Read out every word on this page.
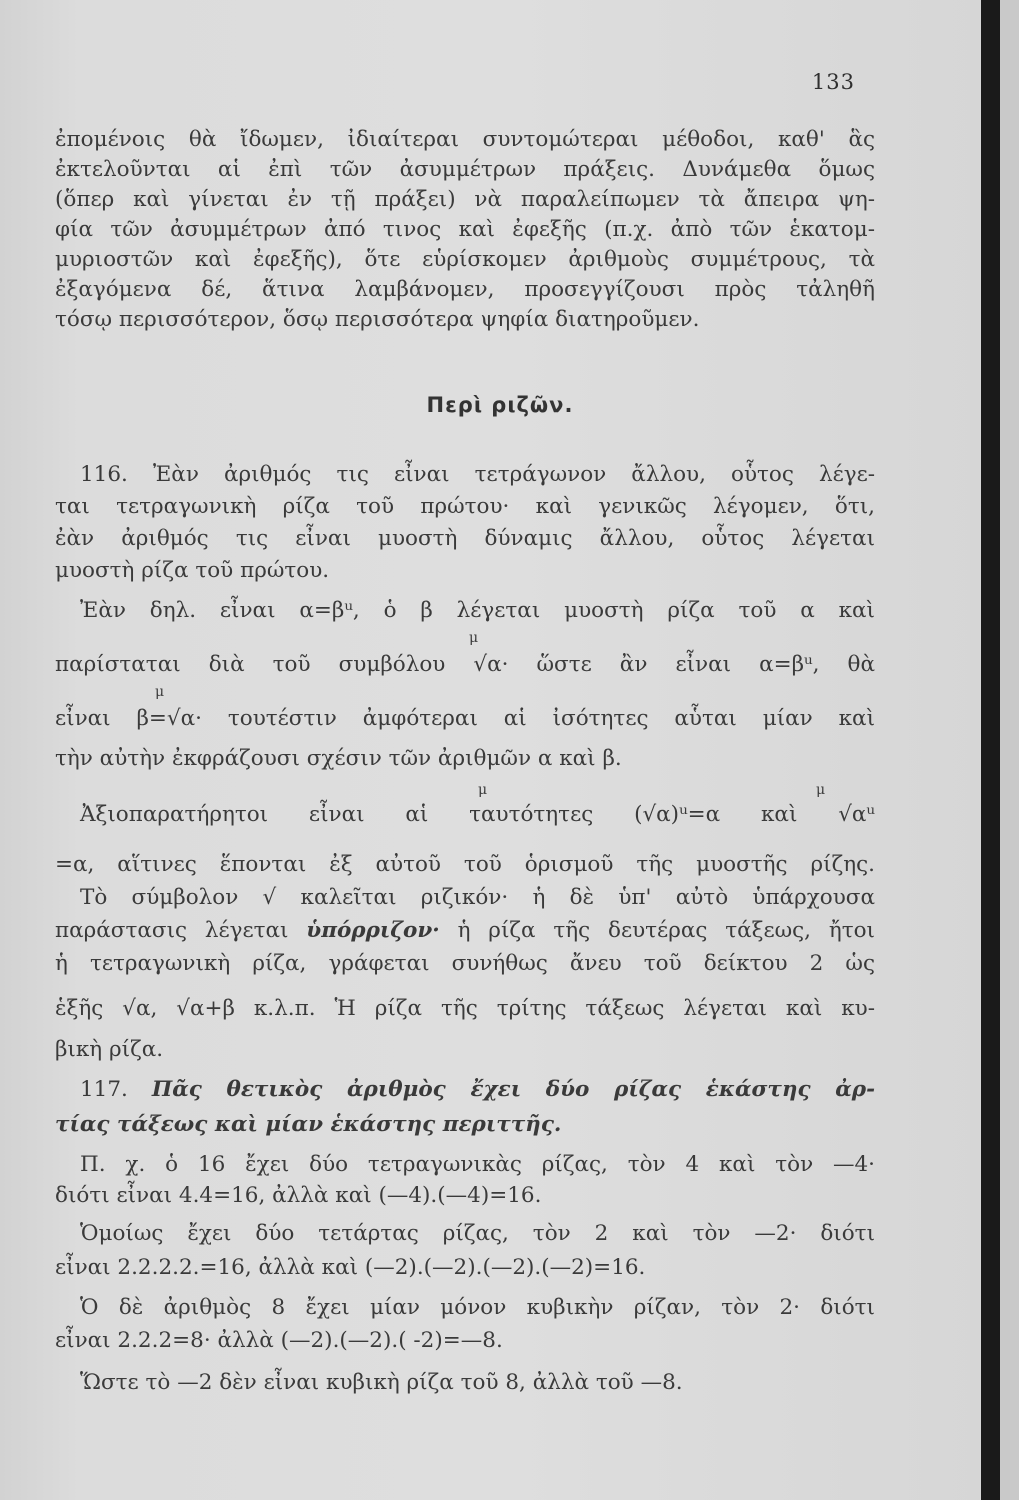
133
ἐπομένοις θὰ ἴδωμεν, ἰδιαίτεραι συντομώτεραι μέθοδοι, καθ' ἃς
ἐκτελοῦνται αἱ ἐπὶ τῶν ἀσυμμέτρων πράξεις. Δυνάμεθα ὅμως
(ὅπερ καὶ γίνεται ἐν τῇ πράξει) νὰ παραλείπωμεν τὰ ἄπειρα ψη-
φία τῶν ἀσυμμέτρων ἀπό τινος καὶ ἐφεξῆς (π.χ. ἀπὸ τῶν ἑκατομ-
μυριοστῶν καὶ ἐφεξῆς), ὅτε εὑρίσκομεν ἀριθμοὺς συμμέτρους, τὰ
ἐξαγόμενα δέ, ἅτινα λαμβάνομεν, προσεγγίζουσι πρὸς τἀληθῆ
τόσῳ περισσότερον, ὅσῳ περισσότερα ψηφία διατηροῦμεν.
Περὶ ριζῶν.
116. Ἐὰν ἀριθμός τις εἶναι τετράγωνον ἄλλου, οὗτος λέγε-
ται τετραγωνικὴ ρίζα τοῦ πρώτου· καὶ γενικῶς λέγομεν, ὅτι,
ἐὰν ἀριθμός τις εἶναι μυοστὴ δύναμις ἄλλου, οὗτος λέγεται
μυοστὴ ρίζα τοῦ πρώτου.
Ἐὰν δηλ. εἶναι α=βᵘ, ὁ β λέγεται μυοστὴ ρίζα τοῦ α καὶ
μ
παρίσταται διὰ τοῦ συμβόλου √α· ὥστε ἂν εἶναι α=βᵘ, θὰ
μ
εἶναι β=√α· τουτέστιν ἀμφότεραι αἱ ἰσότητες αὗται μίαν καὶ
τὴν αὐτὴν ἐκφράζουσι σχέσιν τῶν ἀριθμῶν α καὶ β.
μ	μ
Ἀξιοπαρατήρητοι εἶναι αἱ ταυτότητες (√α)ᵘ=α καὶ √αᵘ
=α, αἵτινες ἕπονται ἐξ αὐτοῦ τοῦ ὁρισμοῦ τῆς μυοστῆς ρίζης.
Τὸ σύμβολον √ καλεῖται ριζικόν· ἡ δὲ ὑπ' αὐτὸ ὑπάρχουσα
παράστασις λέγεται ὑπόρριζον· ἡ ρίζα τῆς δευτέρας τάξεως, ἤτοι
ἡ τετραγωνικὴ ρίζα, γράφεται συνήθως ἄνευ τοῦ δείκτου 2 ὡς
ἑξῆς √α, √α+β κ.λ.π. Ἡ ρίζα τῆς τρίτης τάξεως λέγεται καὶ κυ-
βικὴ ρίζα.
117. Πᾶς θετικὸς ἀριθμὸς ἔχει δύο ρίζας ἑκάστης ἀρ-
τίας τάξεως καὶ μίαν ἑκάστης περιττῆς.
Π. χ. ὁ 16 ἔχει δύο τετραγωνικὰς ρίζας, τὸν 4 καὶ τὸν —4·
διότι εἶναι 4.4=16, ἀλλὰ καὶ (—4).(—4)=16.
Ὁμοίως ἔχει δύο τετάρτας ρίζας, τὸν 2 καὶ τὸν —2· διότι
εἶναι 2.2.2.2.=16, ἀλλὰ καὶ (—2).(—2).(—2).(—2)=16.
Ὁ δὲ ἀριθμὸς 8 ἔχει μίαν μόνον κυβικὴν ρίζαν, τὸν 2· διότι
εἶναι 2.2.2=8· ἀλλὰ (—2).(—2).( -2)=—8.
Ὥστε τὸ —2 δὲν εἶναι κυβικὴ ρίζα τοῦ 8, ἀλλὰ τοῦ —8.
